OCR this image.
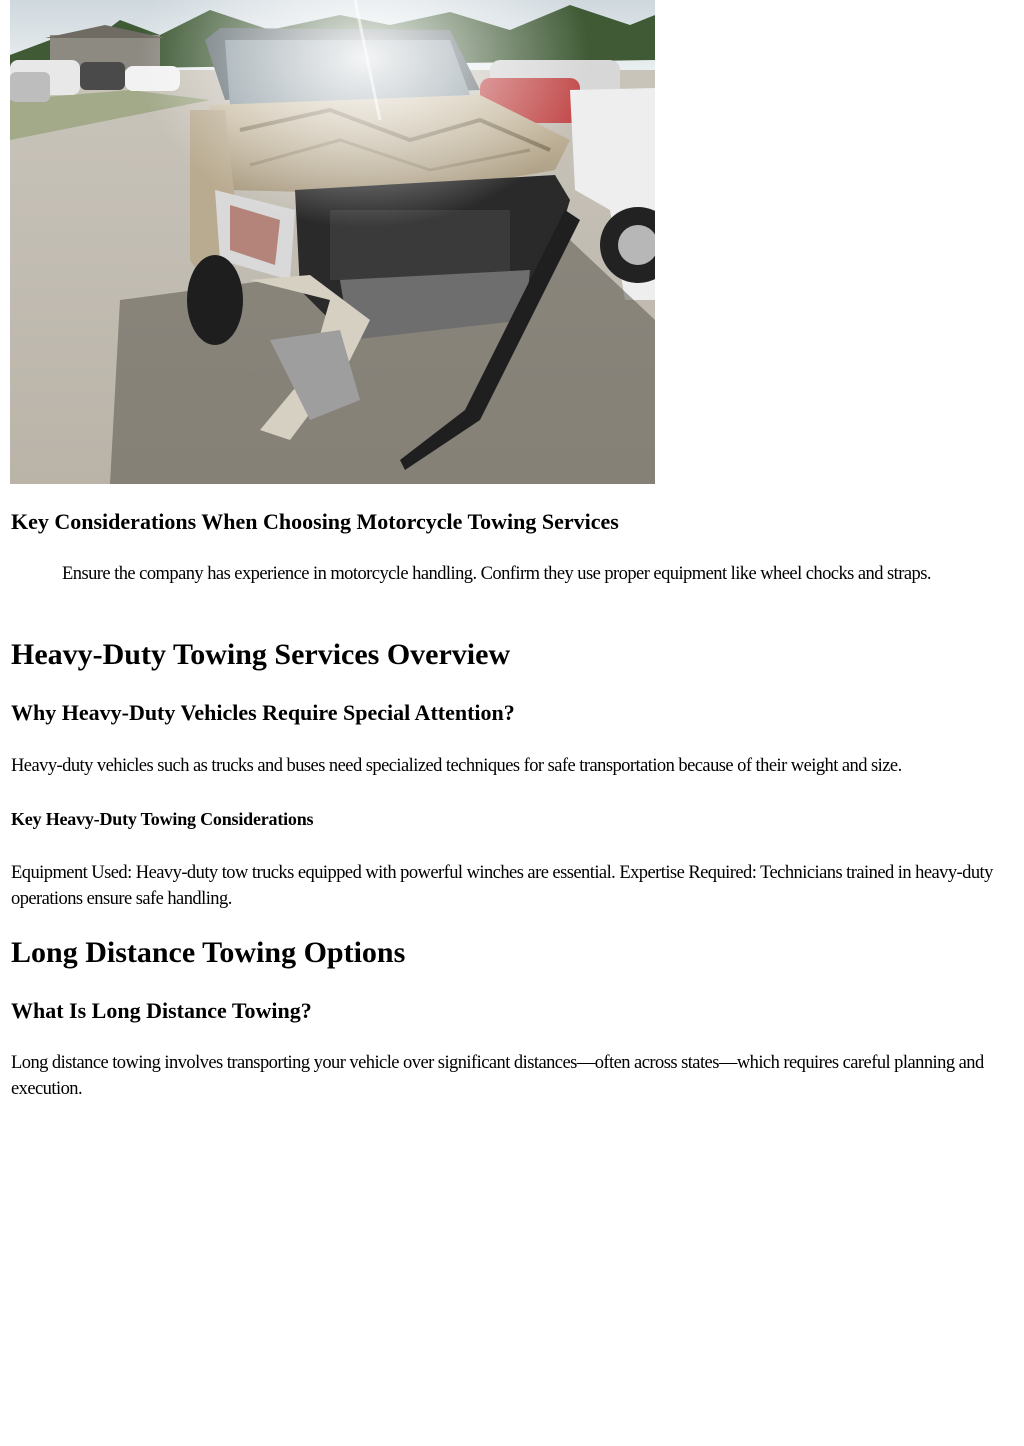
Key Considerations When Choosing Motorcycle Towing Services

Ensure the company has experience in motorcycle handling. Confirm they use proper equipment like wheel chocks and straps.

Heavy-Duty Towing Services Overview
Why Heavy-Duty Vehicles Require Special Attention?

Heavy-duty vehicles such as trucks and buses need specialized techniques for safe transportation because of their weight and size.

Key Heavy-Duty Towing Considerations

Equipment Used: Heavy-duty tow trucks equipped with powerful winches are essential. Expertise Required: Technicians trained in heavy-duty operations ensure safe handling.

Long Distance Towing Options
What Is Long Distance Towing?

Long distance towing involves transporting your vehicle over significant distances—often across states—which requires careful planning and execution.
